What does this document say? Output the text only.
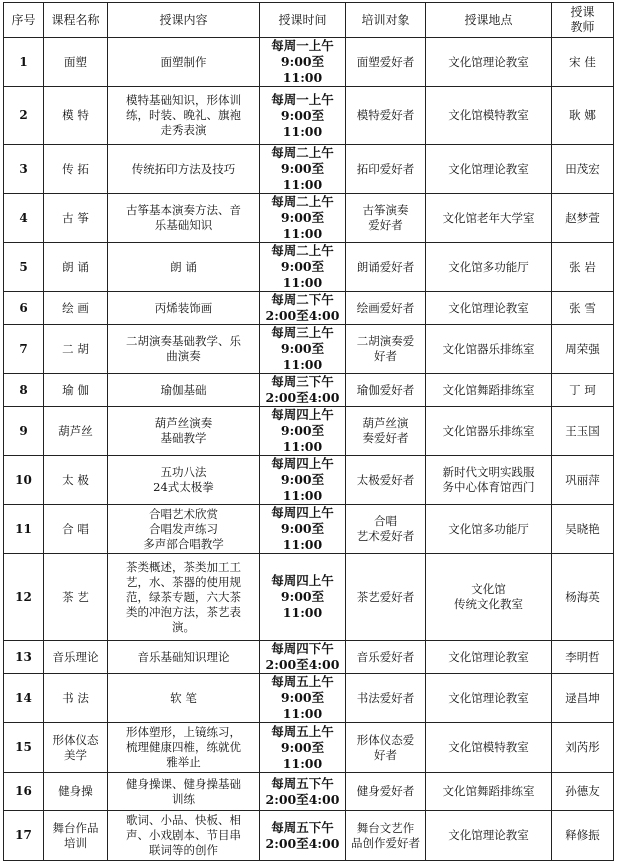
序号	课程名称	授课内容	授课时间	培训对象	授课地点	授课
教师
1	面塑	面塑制作	每周一上午
9:00至11:00	面塑爱好者	文化馆理论教室	宋 佳
2	模 特	模特基础知识，形体训
练，时装、晚礼、旗袍
走秀表演	每周一上午
9:00至11:00	模特爱好者	文化馆模特教室	耿 娜
3	传 拓	传统拓印方法及技巧	每周二上午
9:00至11:00	拓印爱好者	文化馆理论教室	田茂宏
4	古 筝	古筝基本演奏方法、音
乐基础知识	每周二上午
9:00至11:00	古筝演奏
爱好者	文化馆老年大学室	赵梦萱
5	朗 诵	朗 诵	每周二上午
9:00至11:00	朗诵爱好者	文化馆多功能厅	张 岩
6	绘 画	丙烯装饰画	每周二下午
2:00至4:00	绘画爱好者	文化馆理论教室	张 雪
7	二 胡	二胡演奏基础教学、乐
曲演奏	每周三上午
9:00至11:00	二胡演奏爱
好者	文化馆器乐排练室	周荣强
8	瑜 伽	瑜伽基础	每周三下午
2:00至4:00	瑜伽爱好者	文化馆舞蹈排练室	丁 珂
9	葫芦丝	葫芦丝演奏
基础教学	每周四上午
9:00至11:00	葫芦丝演
奏爱好者	文化馆器乐排练室	王玉国
10	太 极	五功八法
24式太极拳	每周四上午
9:00至11:00	太极爱好者	新时代文明实践服
务中心体育馆西门	巩丽萍
11	合 唱	合唱艺术欣赏
合唱发声练习
多声部合唱教学	每周四上午
9:00至11:00	合唱
艺术爱好者	文化馆多功能厅	吴晓艳
12	茶 艺	茶类概述，茶类加工工
艺，水、茶器的使用规
范，绿茶专题，六大茶
类的冲泡方法，茶艺表
演。	每周四上午
9:00至11:00	茶艺爱好者	文化馆
传统文化教室	杨海英
13	音乐理论	音乐基础知识理论	每周四下午
2:00至4:00	音乐爱好者	文化馆理论教室	李明哲
14	书 法	软 笔	每周五上午
9:00至11:00	书法爱好者	文化馆理论教室	逯昌坤
15	形体仪态
美学	形体塑形，上镜练习，
梳理健康四椎，练就优
雅举止	每周五上午
9:00至11:00	形体仪态爱
好者	文化馆模特教室	刘芮彤
16	健身操	健身操课、健身操基础
训练	每周五下午
2:00至4:00	健身爱好者	文化馆舞蹈排练室	孙德友
17	舞台作品
培训	歌词、小品、快板、相
声、小戏剧本、节目串
联词等的创作	每周五下午
2:00至4:00	舞台文艺作
品创作爱好者	文化馆理论教室	释修振
